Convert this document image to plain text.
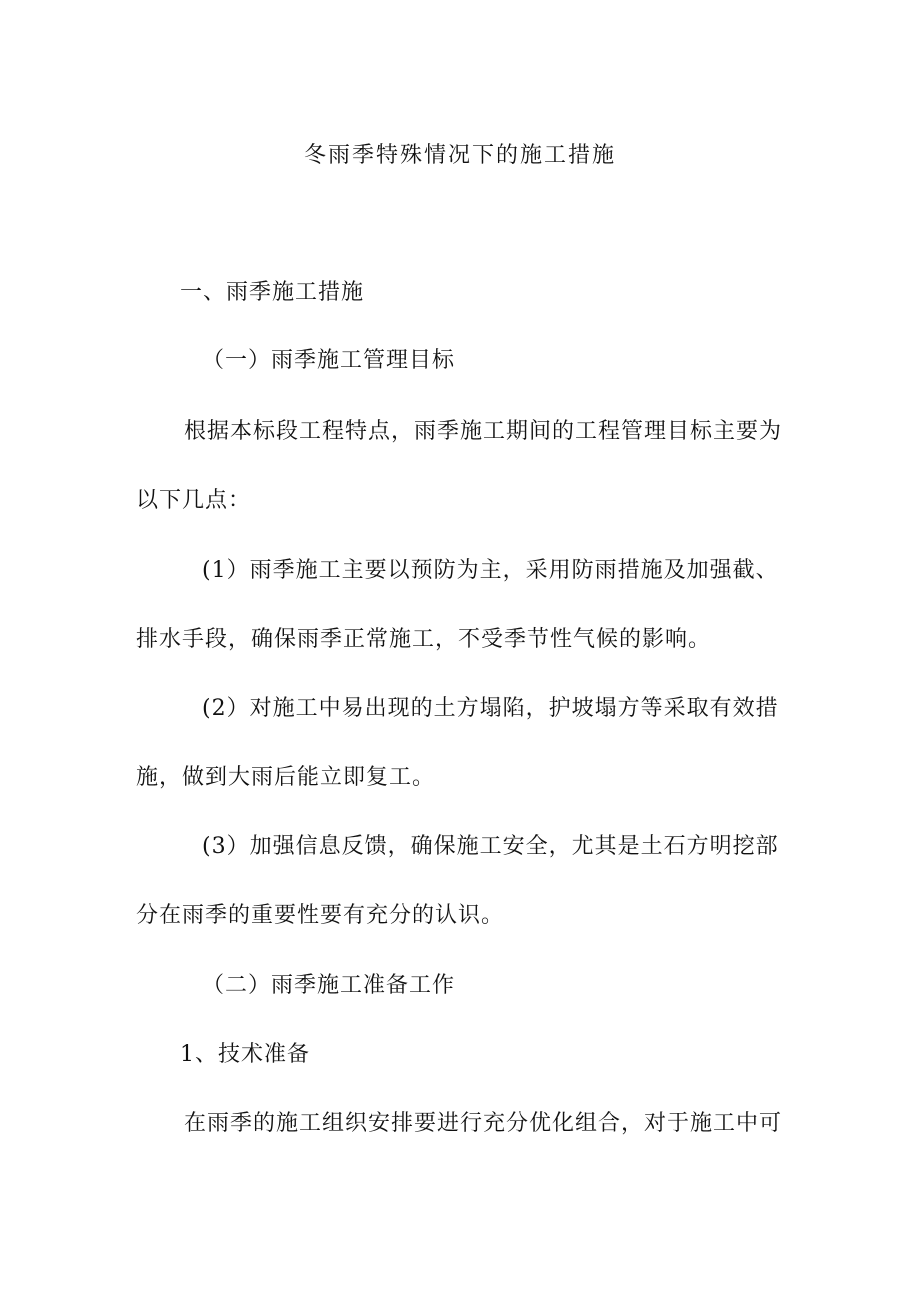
冬雨季特殊情况下的施工措施
一、雨季施工措施
（一）雨季施工管理目标
根据本标段工程特点，雨季施工期间的工程管理目标主要为
以下几点：
(1）雨季施工主要以预防为主，采用防雨措施及加强截、
排水手段，确保雨季正常施工，不受季节性气候的影响。
(2）对施工中易出现的土方塌陷，护坡塌方等采取有效措
施，做到大雨后能立即复工。
(3）加强信息反馈，确保施工安全，尤其是土石方明挖部
分在雨季的重要性要有充分的认识。
（二）雨季施工准备工作
1、技术准备
在雨季的施工组织安排要进行充分优化组合，对于施工中可
